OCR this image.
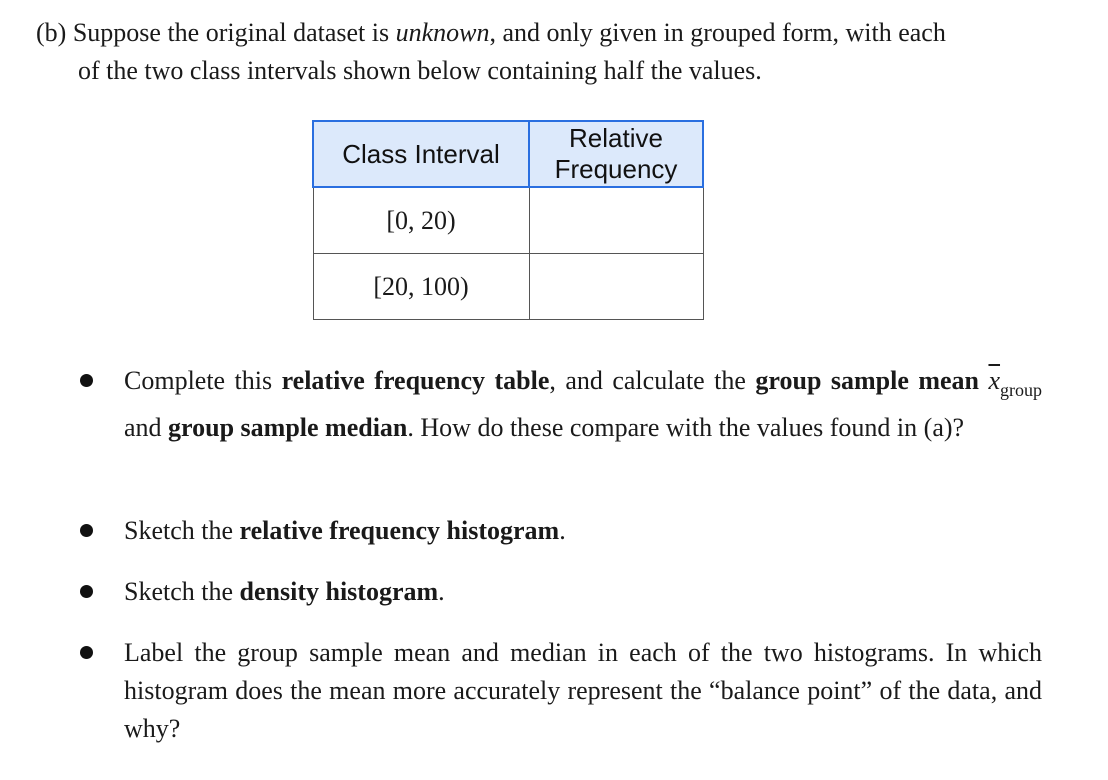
(b) Suppose the original dataset is unknown, and only given in grouped form, with each
of the two class intervals shown below containing half the values.
Class Interval	Relative Frequency
[0, 20)	
[20, 100)	
Complete this relative frequency table, and calculate the group sample mean $\overline{x}_{group}$ and group sample median. How do these compare with the values found in (a)?
Sketch the relative frequency histogram.
Sketch the density histogram.
Label the group sample mean and median in each of the two histograms. In which histogram does the mean more accurately represent the “balance point” of the data, and why?
